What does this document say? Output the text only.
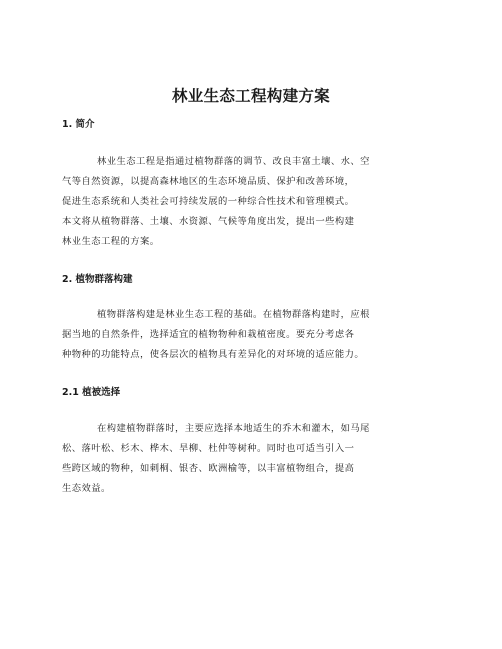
林业生态工程构建方案
1. 简介
林业生态工程是指通过植物群落的调节、改良丰富土壤、水、空
气等自然资源，以提高森林地区的生态环境品质、保护和改善环境，
促进生态系统和人类社会可持续发展的一种综合性技术和管理模式。
本文将从植物群落、土壤、水资源、气候等角度出发，提出一些构建
林业生态工程的方案。
2. 植物群落构建
植物群落构建是林业生态工程的基础。在植物群落构建时，应根
据当地的自然条件，选择适宜的植物物种和栽植密度。要充分考虑各
种物种的功能特点，使各层次的植物具有差异化的对环境的适应能力。
2.1 植被选择
在构建植物群落时，主要应选择本地适生的乔木和灌木，如马尾
松、落叶松、杉木、桦木、旱柳、杜仲等树种。同时也可适当引入一
些跨区域的物种，如刺桐、银杏、欧洲榆等，以丰富植物组合，提高
生态效益。
